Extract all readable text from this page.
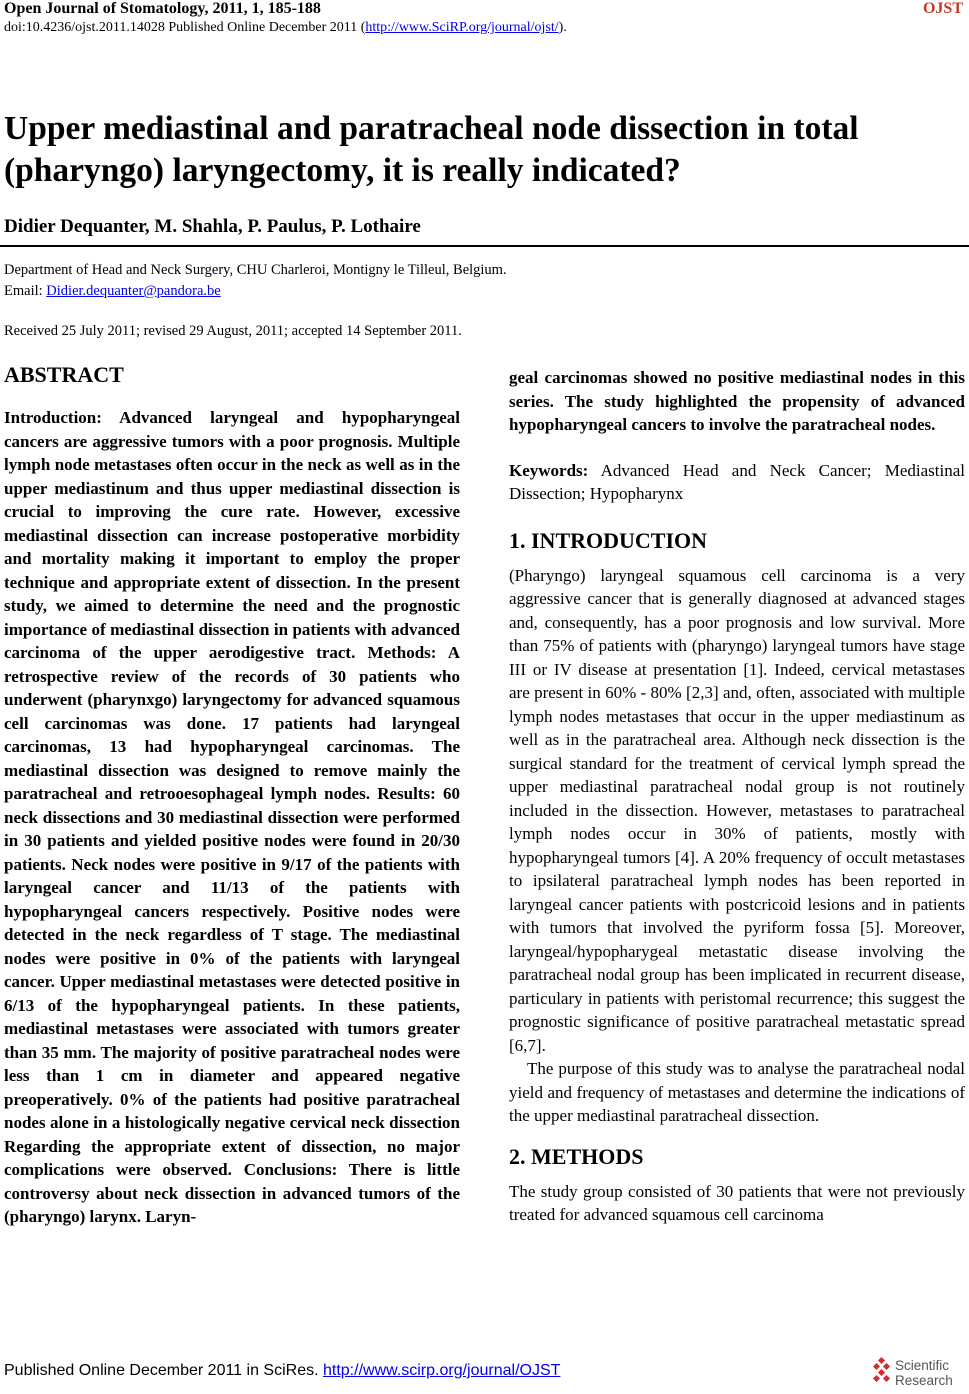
Open Journal of Stomatology, 2011, 1, 185-188	OJST
doi:10.4236/ojst.2011.14028 Published Online December 2011 (http://www.SciRP.org/journal/ojst/).
Upper mediastinal and paratracheal node dissection in total (pharyngo) laryngectomy, it is really indicated?
Didier Dequanter, M. Shahla, P. Paulus, P. Lothaire
Department of Head and Neck Surgery, CHU Charleroi, Montigny le Tilleul, Belgium.
Email: Didier.dequanter@pandora.be
Received 25 July 2011; revised 29 August, 2011; accepted 14 September 2011.
ABSTRACT

Introduction: Advanced laryngeal and hypopharyngeal cancers are aggressive tumors with a poor prognosis. Multiple lymph node metastases often occur in the neck as well as in the upper mediastinum and thus upper mediastinal dissection is crucial to improving the cure rate. However, excessive mediastinal dissection can increase postoperative morbidity and mortality making it important to employ the proper technique and appropriate extent of dissection. In the present study, we aimed to determine the need and the prognostic importance of mediastinal dissection in patients with advanced carcinoma of the upper aerodigestive tract. Methods: A retrospective review of the records of 30 patients who underwent (pharynxgo) laryngectomy for advanced squamous cell carcinomas was done. 17 patients had laryngeal carcinomas, 13 had hypopharyngeal carcinomas. The mediastinal dissection was designed to remove mainly the paratracheal and retrooesophageal lymph nodes. Results: 60 neck dissections and 30 mediastinal dissection were performed in 30 patients and yielded positive nodes were found in 20/30 patients. Neck nodes were positive in 9/17 of the patients with laryngeal cancer and 11/13 of the patients with hypopharyngeal cancers respectively. Positive nodes were detected in the neck regardless of T stage. The mediastinal nodes were positive in 0% of the patients with laryngeal cancer. Upper mediastinal metastases were detected positive in 6/13 of the hypopharyngeal patients. In these patients, mediastinal metastases were associated with tumors greater than 35 mm. The majority of positive paratracheal nodes were less than 1 cm in diameter and appeared negative preoperatively. 0% of the patients had positive paratracheal nodes alone in a histologically negative cervical neck dissection Regarding the appropriate extent of dissection, no major complications were observed. Conclusions: There is little controversy about neck dissection in advanced tumors of the (pharyngo) larynx. Laryn-

geal carcinomas showed no positive mediastinal nodes in this series. The study highlighted the propensity of advanced hypopharyngeal cancers to involve the paratracheal nodes.

Keywords: Advanced Head and Neck Cancer; Mediastinal Dissection; Hypopharynx

1. INTRODUCTION

(Pharyngo) laryngeal squamous cell carcinoma is a very aggressive cancer that is generally diagnosed at advanced stages and, consequently, has a poor prognosis and low survival. More than 75% of patients with (pharyngo) laryngeal tumors have stage III or IV disease at presentation [1]. Indeed, cervical metastases are present in 60% - 80% [2,3] and, often, associated with multiple lymph nodes metastases that occur in the upper mediastinum as well as in the paratracheal area. Although neck dissection is the surgical standard for the treatment of cervical lymph spread the upper mediastinal paratracheal nodal group is not routinely included in the dissection. However, metastases to paratracheal lymph nodes occur in 30% of patients, mostly with hypopharyngeal tumors [4]. A 20% frequency of occult metastases to ipsilateral paratracheal lymph nodes has been reported in laryngeal cancer patients with postcricoid lesions and in patients with tumors that involved the pyriform fossa [5]. Moreover, laryngeal/hypopharygeal metastatic disease involving the paratracheal nodal group has been implicated in recurrent disease, particulary in patients with peristomal recurrence; this suggest the prognostic significance of positive paratracheal metastatic spread [6,7].

The purpose of this study was to analyse the paratracheal nodal yield and frequency of metastases and determine the indications of the upper mediastinal paratracheal dissection.

2. METHODS

The study group consisted of 30 patients that were not previously treated for advanced squamous cell carcinoma

Published Online December 2011 in SciRes. http://www.scirp.org/journal/OJST	Scientific
Research
